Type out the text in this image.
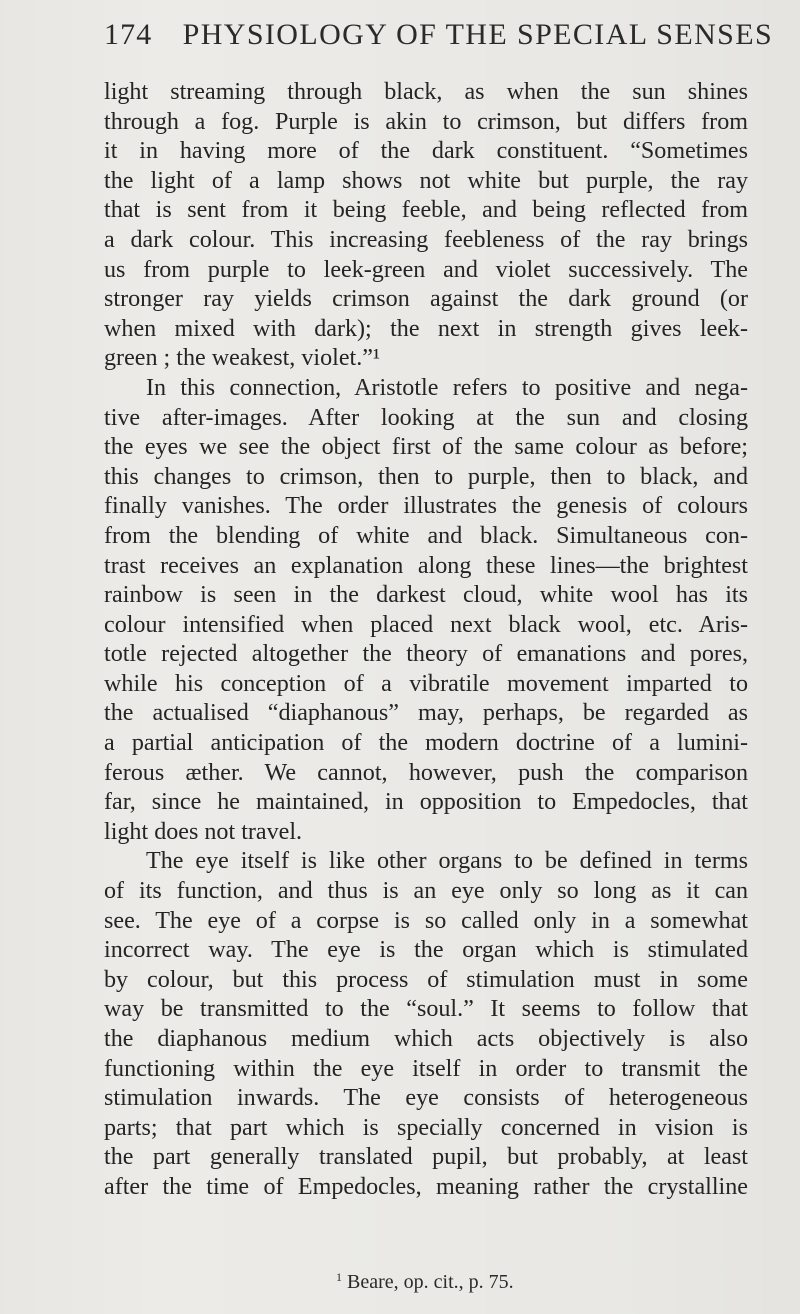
174 PHYSIOLOGY OF THE SPECIAL SENSES
light streaming through black, as when the sun shines
through a fog. Purple is akin to crimson, but differs from
it in having more of the dark constituent. “Sometimes
the light of a lamp shows not white but purple, the ray
that is sent from it being feeble, and being reflected from
a dark colour. This increasing feebleness of the ray brings
us from purple to leek-green and violet successively. The
stronger ray yields crimson against the dark ground (or
when mixed with dark); the next in strength gives leek-
green ; the weakest, violet.”¹
In this connection, Aristotle refers to positive and nega-
tive after-images. After looking at the sun and closing
the eyes we see the object first of the same colour as before;
this changes to crimson, then to purple, then to black, and
finally vanishes. The order illustrates the genesis of colours
from the blending of white and black. Simultaneous con-
trast receives an explanation along these lines—the brightest
rainbow is seen in the darkest cloud, white wool has its
colour intensified when placed next black wool, etc. Aris-
totle rejected altogether the theory of emanations and pores,
while his conception of a vibratile movement imparted to
the actualised “diaphanous” may, perhaps, be regarded as
a partial anticipation of the modern doctrine of a lumini-
ferous æther. We cannot, however, push the comparison
far, since he maintained, in opposition to Empedocles, that
light does not travel.
The eye itself is like other organs to be defined in terms
of its function, and thus is an eye only so long as it can
see. The eye of a corpse is so called only in a somewhat
incorrect way. The eye is the organ which is stimulated
by colour, but this process of stimulation must in some
way be transmitted to the “soul.” It seems to follow that
the diaphanous medium which acts objectively is also
functioning within the eye itself in order to transmit the
stimulation inwards. The eye consists of heterogeneous
parts; that part which is specially concerned in vision is
the part generally translated pupil, but probably, at least
after the time of Empedocles, meaning rather the crystalline
$^1$ Beare, op. cit., p. 75.
